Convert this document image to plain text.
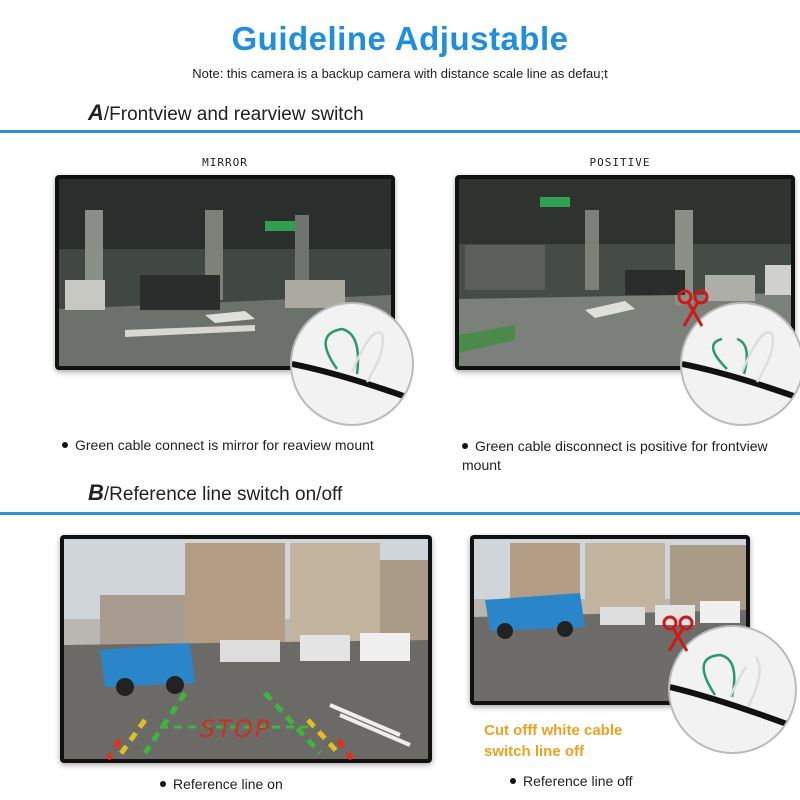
Guideline Adjustable
Note: this camera is a backup camera with distance scale line as defau;t
A/Frontview and rearview switch
MIRROR	POSITIVE
Green cable connect is mirror for reaview mount	Green cable disconnect is positive for frontview
mount
B/Reference line switch on/off
STOP	Cut offf white cable
switch line off
Reference line on	Reference line off
